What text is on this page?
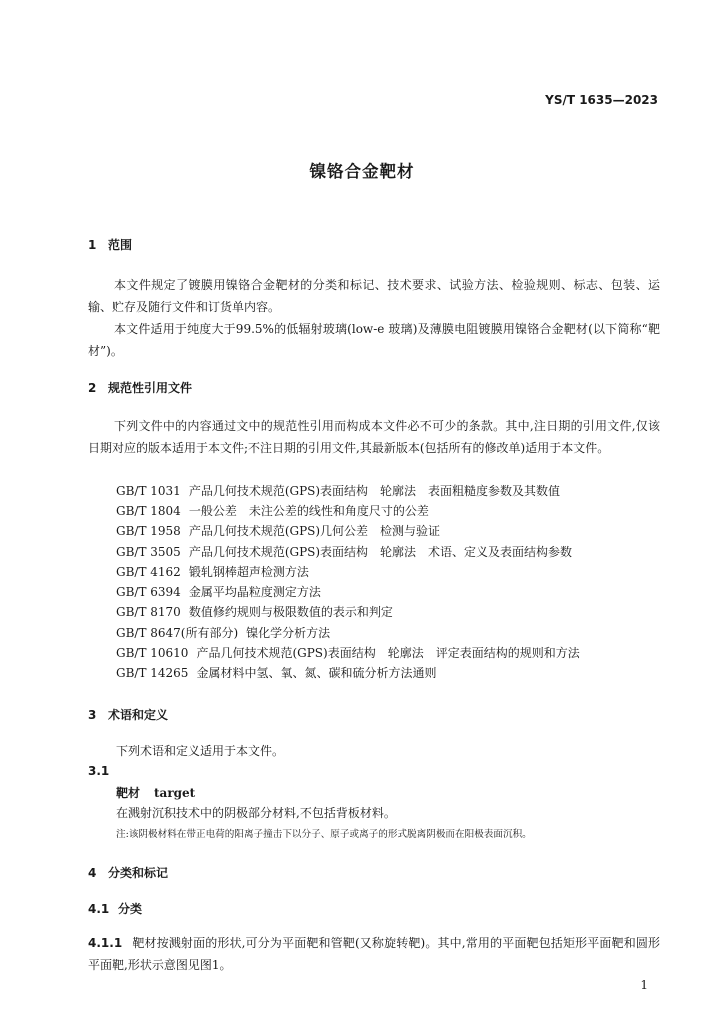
YS/T 1635—2023
镍铬合金靶材
1 范围
本文件规定了镀膜用镍铬合金靶材的分类和标记、技术要求、试验方法、检验规则、标志、包装、运输、贮存及随行文件和订货单内容。
本文件适用于纯度大于99.5%的低辐射玻璃(low-e 玻璃)及薄膜电阻镀膜用镍铬合金靶材(以下简称“靶材”)。
2 规范性引用文件
下列文件中的内容通过文中的规范性引用而构成本文件必不可少的条款。其中,注日期的引用文件,仅该日期对应的版本适用于本文件;不注日期的引用文件,其最新版本(包括所有的修改单)适用于本文件。
GB/T 1031 产品几何技术规范(GPS)表面结构　轮廓法　表面粗糙度参数及其数值
GB/T 1804 一般公差　未注公差的线性和角度尺寸的公差
GB/T 1958 产品几何技术规范(GPS)几何公差　检测与验证
GB/T 3505 产品几何技术规范(GPS)表面结构　轮廓法　术语、定义及表面结构参数
GB/T 4162 锻轧钢棒超声检测方法
GB/T 6394 金属平均晶粒度测定方法
GB/T 8170 数值修约规则与极限数值的表示和判定
GB/T 8647(所有部分) 镍化学分析方法
GB/T 10610 产品几何技术规范(GPS)表面结构　轮廓法　评定表面结构的规则和方法
GB/T 14265 金属材料中氢、氧、氮、碳和硫分析方法通则
3 术语和定义
下列术语和定义适用于本文件。
3.1
靶材 target
在溅射沉积技术中的阴极部分材料,不包括背板材料。
注:该阴极材料在带正电荷的阳离子撞击下以分子、原子或离子的形式脱离阴极而在阳极表面沉积。
4 分类和标记
4.1 分类
4.1.1 靶材按溅射面的形状,可分为平面靶和管靶(又称旋转靶)。其中,常用的平面靶包括矩形平面靶和圆形平面靶,形状示意图见图1。
1
